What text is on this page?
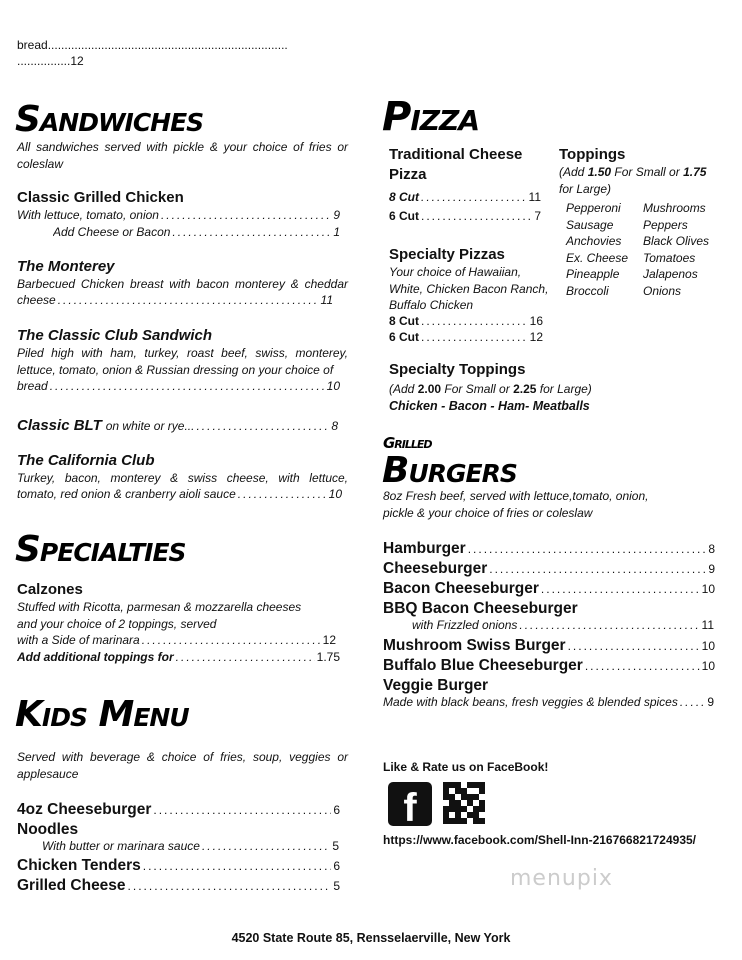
bread........................................................................
................12
Sandwiches
All sandwiches served with pickle & your choice of fries or coleslaw
Classic Grilled Chicken
With lettuce, tomato, onion .....	9
Add Cheese or Bacon .....	1
The Monterey
Barbecued Chicken breast with bacon monterey & cheddar
cheese .....	11
The Classic Club Sandwich
Piled high with ham, turkey, roast beef, swiss, monterey, lettuce, tomato, onion & Russian dressing on your choice of
bread .....	10
Classic BLT on white or rye... .....	8
The California Club
Turkey, bacon, monterey & swiss cheese, with lettuce,
tomato, red onion & cranberry aioli sauce .....	10
Specialties
Calzones
Stuffed with Ricotta, parmesan & mozzarella cheeses
and your choice of 2 toppings, served
with a Side of marinara .....	12
Add additional toppings for .....	1.75
Kids Menu
Served with beverage & choice of fries, soup, veggies or applesauce
4oz Cheeseburger .....	6
Noodles
With butter or marinara sauce .....	5
Chicken Tenders .....	6
Grilled Cheese .....	5
Pizza
Traditional Cheese
Pizza
8 Cut .....	11
6 Cut .....	7
Specialty Pizzas
Your choice of Hawaiian,
White, Chicken Bacon Ranch,
Buffalo Chicken
8 Cut .....	16
6 Cut .....	12
Specialty Toppings
(Add 2.00 For Small or 2.25 for Large)
Chicken - Bacon - Ham- Meatballs
Toppings
(Add 1.50 For Small or 1.75 for Large)
Pepperoni
Sausage
Anchovies
Ex. Cheese
Pineapple
Broccoli
Mushrooms
Peppers
Black Olives
Tomatoes
Jalapenos
Onions
Grilled
Burgers
8oz Fresh beef, served with lettuce,tomato, onion,
pickle & your choice of fries or coleslaw
Hamburger .....	8
Cheeseburger .....	9
Bacon Cheeseburger .....	10
BBQ Bacon Cheeseburger
with Frizzled onions .....	11
Mushroom Swiss Burger .....	10
Buffalo Blue Cheeseburger .....	10
Veggie Burger
Made with black beans, fresh veggies & blended spices ..... 9
Like & Rate us on FaceBook!
f
https://www.facebook.com/Shell-Inn-216766821724935/
menupix
4520 State Route 85, Rensselaerville, New York
